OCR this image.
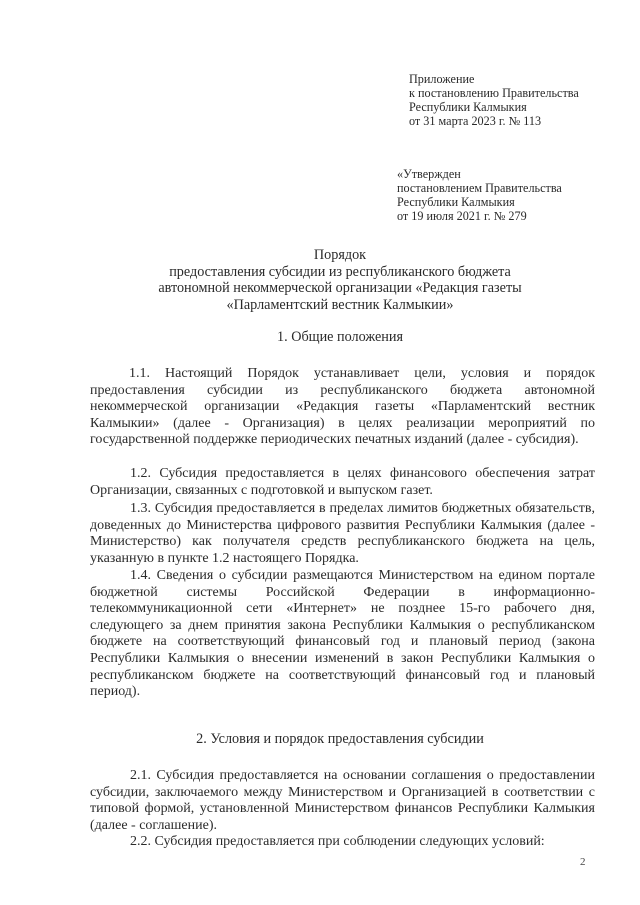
Приложение
к постановлению Правительства
Республики Калмыкия
от 31 марта 2023 г. № 113
«Утвержден
постановлением Правительства
Республики Калмыкия
от 19 июля 2021 г. № 279
Порядок
предоставления субсидии из республиканского бюджета
автономной некоммерческой организации «Редакция газеты
«Парламентский вестник Калмыкии»
1. Общие положения
1.1. Настоящий Порядок устанавливает цели, условия и порядок предоставления субсидии из республиканского бюджета автономной некоммерческой организации «Редакция газеты «Парламентский вестник Калмыкии» (далее - Организация) в целях реализации мероприятий по государственной поддержке периодических печатных изданий (далее - субсидия).
1.2. Субсидия предоставляется в целях финансового обеспечения затрат Организации, связанных с подготовкой и выпуском газет.
1.3. Субсидия предоставляется в пределах лимитов бюджетных обязательств, доведенных до Министерства цифрового развития Республики Калмыкия (далее - Министерство) как получателя средств республиканского бюджета на цель, указанную в пункте 1.2 настоящего Порядка.
1.4. Сведения о субсидии размещаются Министерством на едином портале бюджетной системы Российской Федерации в информационно-телекоммуникационной сети «Интернет» не позднее 15-го рабочего дня, следующего за днем принятия закона Республики Калмыкия о республиканском бюджете на соответствующий финансовый год и плановый период (закона Республики Калмыкия о внесении изменений в закон Республики Калмыкия о республиканском бюджете на соответствующий финансовый год и плановый период).
2. Условия и порядок предоставления субсидии
2.1. Субсидия предоставляется на основании соглашения о предоставлении субсидии, заключаемого между Министерством и Организацией в соответствии с типовой формой, установленной Министерством финансов Республики Калмыкия (далее - соглашение).
2.2. Субсидия предоставляется при соблюдении следующих условий:
2
